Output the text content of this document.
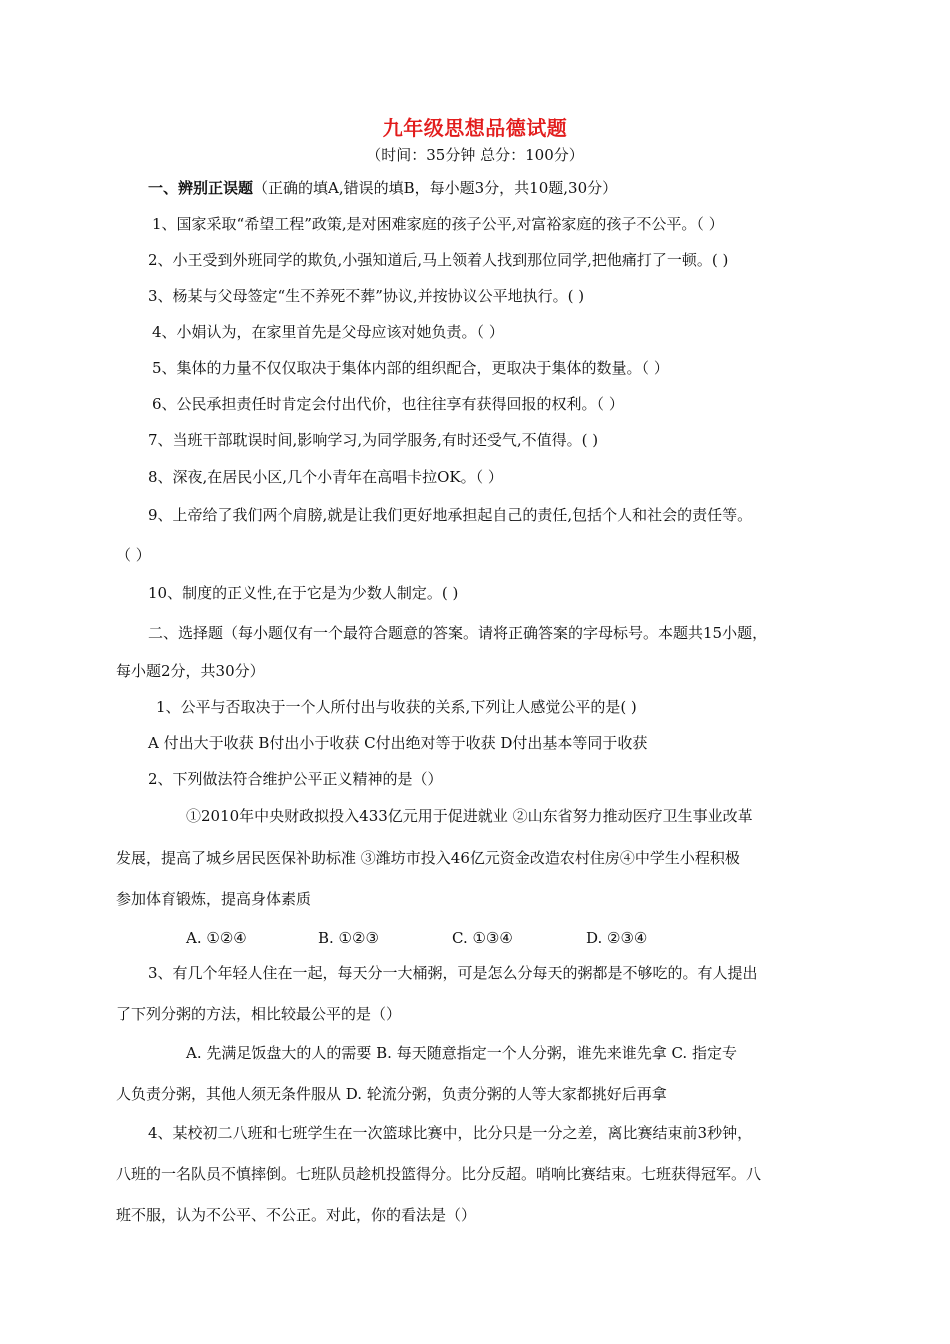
九年级思想品德试题
（时间：35分钟 总分：100分）
一、辨别正误题（正确的填A,错误的填B，每小题3分，共10题,30分）
1、国家采取“希望工程”政策,是对困难家庭的孩子公平,对富裕家庭的孩子不公平。（ ）
2、小王受到外班同学的欺负,小强知道后,马上领着人找到那位同学,把他痛打了一顿。( )
3、杨某与父母签定“生不养死不葬”协议,并按协议公平地执行。( )
4、小娟认为，在家里首先是父母应该对她负责。（ ）
5、集体的力量不仅仅取决于集体内部的组织配合，更取决于集体的数量。（ ）
6、公民承担责任时肯定会付出代价，也往往享有获得回报的权利。（ ）
7、当班干部耽误时间,影响学习,为同学服务,有时还受气,不值得。( )
8、深夜,在居民小区,几个小青年在高唱卡拉OK。（ ）
9、上帝给了我们两个肩膀,就是让我们更好地承担起自己的责任,包括个人和社会的责任等。
（ ）
10、制度的正义性,在于它是为少数人制定。( )
二、选择题（每小题仅有一个最符合题意的答案。请将正确答案的字母标号。本题共15小题，
每小题2分，共30分）
1、公平与否取决于一个人所付出与收获的关系,下列让人感觉公平的是( )
A 付出大于收获 B付出小于收获 C付出绝对等于收获 D付出基本等同于收获
2、下列做法符合维护公平正义精神的是（）
①2010年中央财政拟投入433亿元用于促进就业 ②山东省努力推动医疗卫生事业改革
发展，提高了城乡居民医保补助标准 ③潍坊市投入46亿元资金改造农村住房④中学生小程积极
参加体育锻炼，提高身体素质
A. ①②④	B. ①②③	C. ①③④	D. ②③④
3、有几个年轻人住在一起，每天分一大桶粥，可是怎么分每天的粥都是不够吃的。有人提出
了下列分粥的方法，相比较最公平的是（）
A. 先满足饭盘大的人的需要 B. 每天随意指定一个人分粥，谁先来谁先拿 C. 指定专
人负责分粥，其他人须无条件服从 D. 轮流分粥，负责分粥的人等大家都挑好后再拿
4、某校初二八班和七班学生在一次篮球比赛中，比分只是一分之差，离比赛结束前3秒钟，
八班的一名队员不慎摔倒。七班队员趁机投篮得分。比分反超。哨响比赛结束。七班获得冠军。八
班不服，认为不公平、不公正。对此，你的看法是（）
